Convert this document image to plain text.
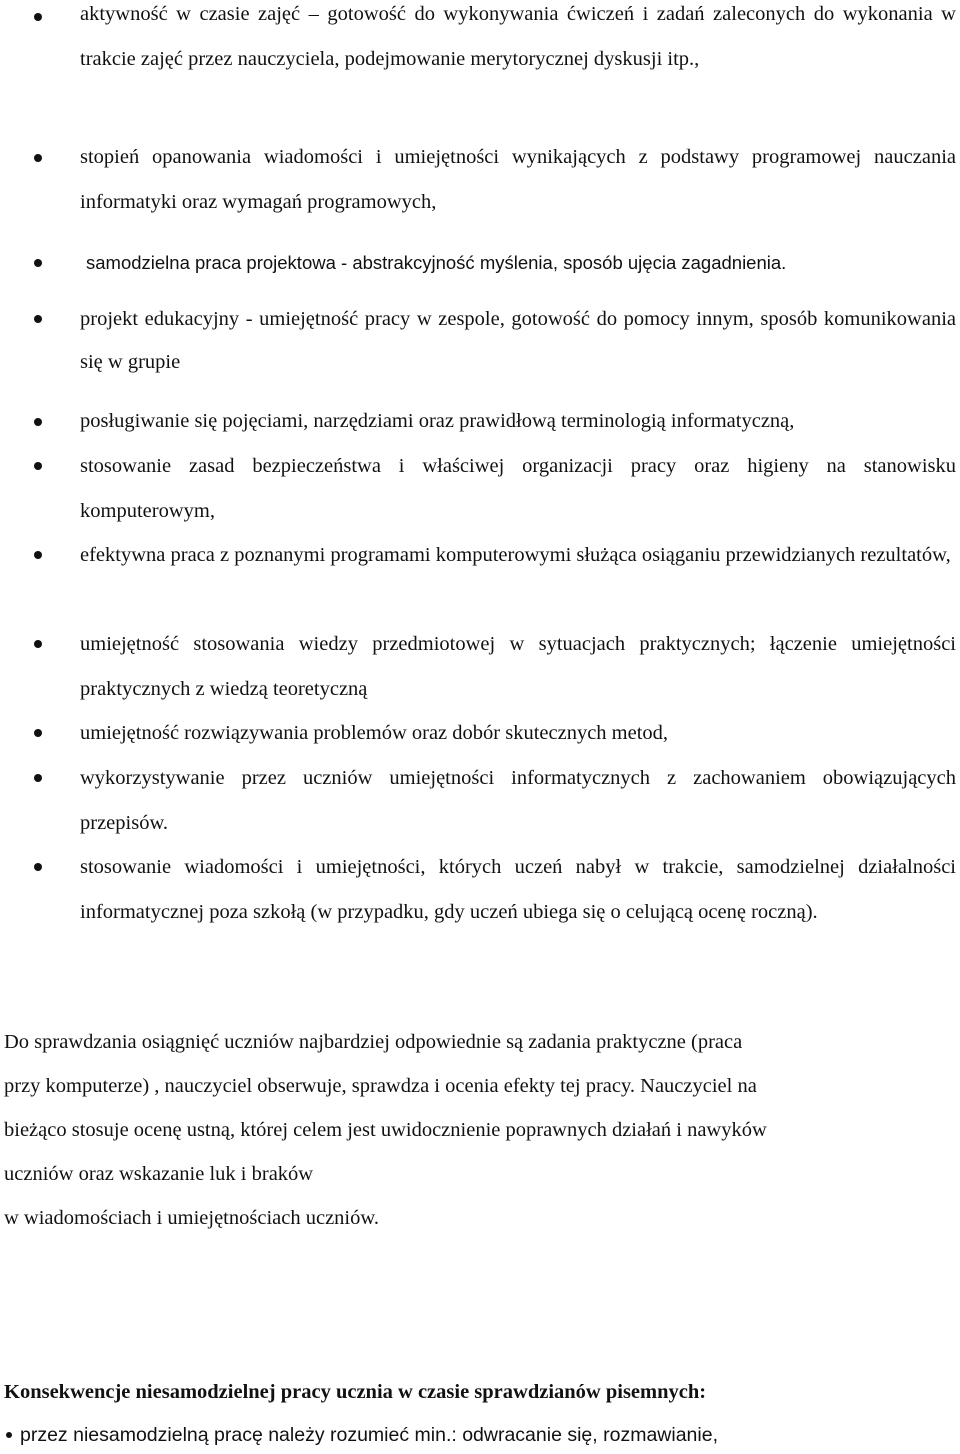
aktywność w czasie zajęć – gotowość do wykonywania ćwiczeń i zadań zaleconych do wykonania w trakcie zajęć przez nauczyciela, podejmowanie merytorycznej dyskusji itp.,
stopień opanowania wiadomości i umiejętności wynikających z podstawy programowej nauczania informatyki oraz wymagań programowych,
samodzielna praca projektowa - abstrakcyjność myślenia, sposób ujęcia zagadnienia.
projekt edukacyjny - umiejętność pracy w zespole, gotowość do pomocy innym, sposób komunikowania się w grupie
posługiwanie się pojęciami, narzędziami oraz prawidłową terminologią informatyczną,
stosowanie zasad bezpieczeństwa i właściwej organizacji pracy oraz higieny na stanowisku komputerowym,
efektywna praca z poznanymi programami komputerowymi służąca osiąganiu przewidzianych rezultatów,
umiejętność stosowania wiedzy przedmiotowej w sytuacjach praktycznych; łączenie umiejętności praktycznych z wiedzą teoretyczną
umiejętność rozwiązywania problemów oraz dobór skutecznych metod,
wykorzystywanie przez uczniów umiejętności informatycznych z zachowaniem obowiązujących przepisów.
stosowanie wiadomości i umiejętności, których uczeń nabył w trakcie, samodzielnej działalności informatycznej poza szkołą (w przypadku, gdy uczeń ubiega się o celującą ocenę roczną).
Do sprawdzania osiągnięć uczniów najbardziej odpowiednie są zadania praktyczne (praca
przy komputerze) , nauczyciel obserwuje, sprawdza i ocenia efekty tej pracy. Nauczyciel na
bieżąco stosuje ocenę ustną, której celem jest uwidocznienie poprawnych działań i nawyków
uczniów oraz wskazanie luk i braków
w wiadomościach i umiejętnościach uczniów.
Konsekwencje niesamodzielnej pracy ucznia w czasie sprawdzianów pisemnych:
przez niesamodzielną pracę należy rozumieć min.: odwracanie się, rozmawianie,
